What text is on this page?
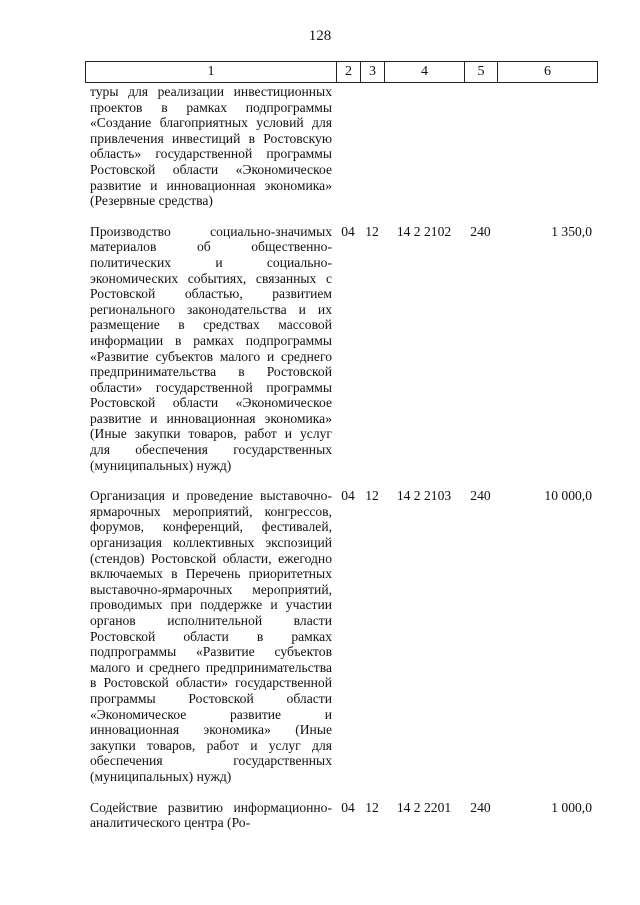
128
1	2	3	4	5	6
туры для реализации инвестиционных проектов в рамках подпрограммы «Создание благоприятных условий для привлечения инвестиций в Ростовскую область» государственной программы Ростовской области «Экономическое развитие и инновационная экономика» (Резервные средства)					

Производство социально-значимых материалов об общественно-политических и социально-экономических событиях, связанных с Ростовской областью, развитием регионального законодательства и их размещение в средствах массовой информации в рамках подпрограммы «Развитие субъектов малого и среднего предпринимательства в Ростовской области» государственной программы Ростовской области «Экономическое развитие и инновационная экономика» (Иные закупки товаров, работ и услуг для обеспечения государственных (муниципальных) нужд)	04	12	14 2 2102	240	1 350,0

Организация и проведение выставочно-ярмарочных мероприятий, конгрессов, форумов, конференций, фестивалей, организация коллективных экспозиций (стендов) Ростовской области, ежегодно включаемых в Перечень приоритетных выставочно-ярмарочных мероприятий, проводимых при поддержке и участии органов исполнительной власти Ростовской области в рамках подпрограммы «Развитие субъектов малого и среднего предпринимательства в Ростовской области» государственной программы Ростовской области «Экономическое развитие и инновационная экономика» (Иные закупки товаров, работ и услуг для обеспечения государственных (муниципальных) нужд)	04	12	14 2 2103	240	10 000,0

Содействие развитию информационно-аналитического центра (Ро-	04	12	14 2 2201	240	1 000,0
